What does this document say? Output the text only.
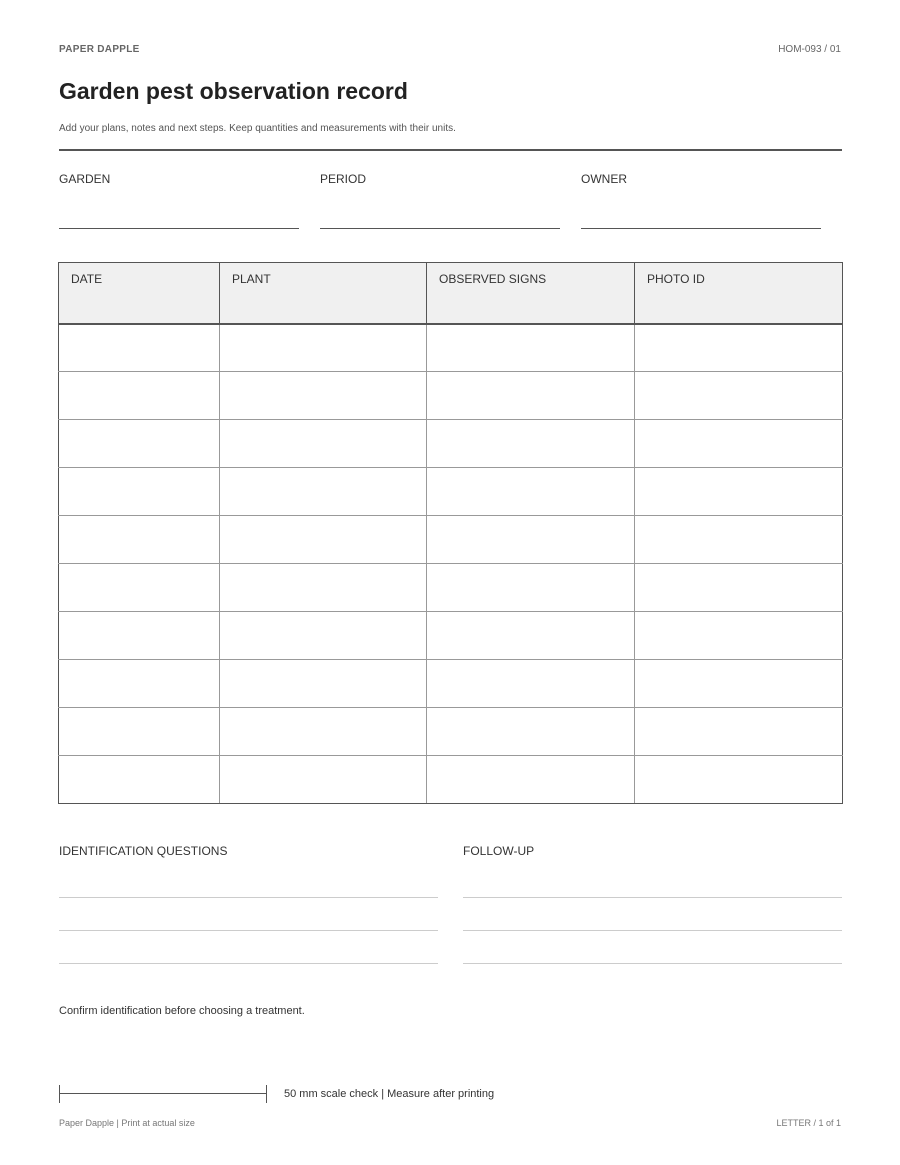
PAPER DAPPLE	HOM-093 / 01
Garden pest observation record
Add your plans, notes and next steps. Keep quantities and measurements with their units.
GARDEN	PERIOD	OWNER
DATE	PLANT	OBSERVED SIGNS	PHOTO ID

IDENTIFICATION QUESTIONS	FOLLOW-UP
Confirm identification before choosing a treatment.
50 mm scale check | Measure after printing
Paper Dapple | Print at actual size	LETTER / 1 of 1
